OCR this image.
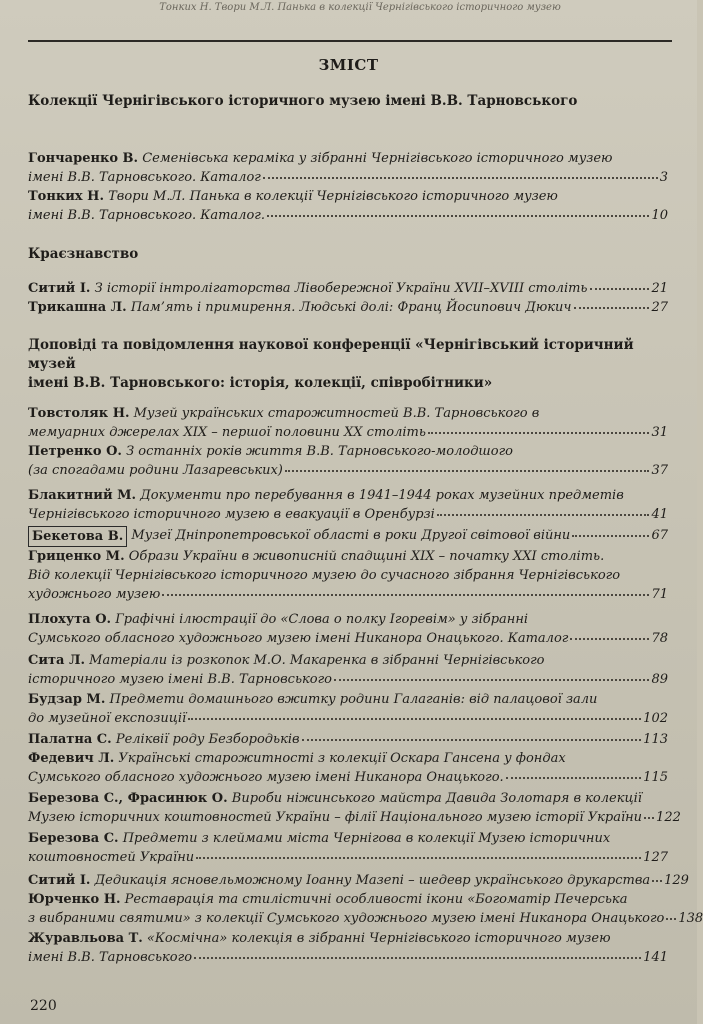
Тонких Н. Твори М.Л. Панька в колекції Чернігівського історичного музею
ЗМІСТ
Колекції Чернігівського історичного музею імені В.В. Тарновського
Гончаренко В.
Семенівська кераміка у зібранні Чернігівського історичного музею
імені В.В. Тарновського. Каталог	3
Тонких Н.
Твори М.Л. Панька в колекції Чернігівського історичного музею
імені В.В. Тарновського. Каталог.	10
Краєзнавство
Ситий І.
З історії інтролігаторства Лівобережної України XVII–XVIII століть	21
Трикашна Л.
Пам’ять і примирення. Людські долі: Франц Йосипович Дюкич	27
Доповіді та повідомлення наукової конференції «Чернігівський історичний музей
імені В.В. Тарновського: історія, колекції, співробітники»
Товстоляк Н.
Музей українських старожитностей В.В. Тарновського в
мемуарних джерелах XIX – першої половини XX століть	31
Петренко О.
З останніх років життя В.В. Тарновського-молодшого
(за спогадами родини Лазаревських)	37
Блакитний М.
Документи про перебування в 1941–1944 роках музейних предметів
Чернігівського історичного музею в евакуації в Оренбурзі	41
Бекетова В.
Музеї Дніпропетровської області в роки Другої світової війни	67
Гриценко М.
Образи України в живописній спадщині XIX – початку XXI століть.
Від колекції Чернігівського історичного музею до сучасного зібрання Чернігівського
художнього музею	71
Плохута О.
Графічні ілюстрації до «Слова о полку Ігоревім» у зібранні
Сумського обласного художнього музею імені Никанора Онацького. Каталог	78
Сита Л.
Матеріали із розкопок М.О. Макаренка в зібранні Чернігівського
історичного музею імені В.В. Тарновського	89
Будзар М.
Предмети домашнього вжитку родини Галаганів: від палацової зали
до музейної експозиції	102
Палатна С.
Реліквії роду Безбородьків	113
Федевич Л.
Українські старожитності з колекції Оскара Гансена у фондах
Сумського обласного художнього музею імені Никанора Онацького.	115
Березова С., Фрасинюк О.
Вироби ніжинського майстра Давида Золотаря в колекції
Музею історичних коштовностей України – філії Національного музею історії України 122
Березова С.
Предмети з клеймами міста Чернігова в колекції Музею історичних
коштовностей України	127
Ситий І.
Дедикація ясновельможному Іоанну Мазепі – шедевр українського друкарства 129
Юрченко Н.
Реставрація та стилістичні особливості ікони «Богоматір Печерська
з вибраними святими» з колекції Сумського художнього музею імені Никанора Онацького 138
Журавльова Т.
«Космічна» колекція в зібранні Чернігівського історичного музею
імені В.В. Тарновського	141
220
